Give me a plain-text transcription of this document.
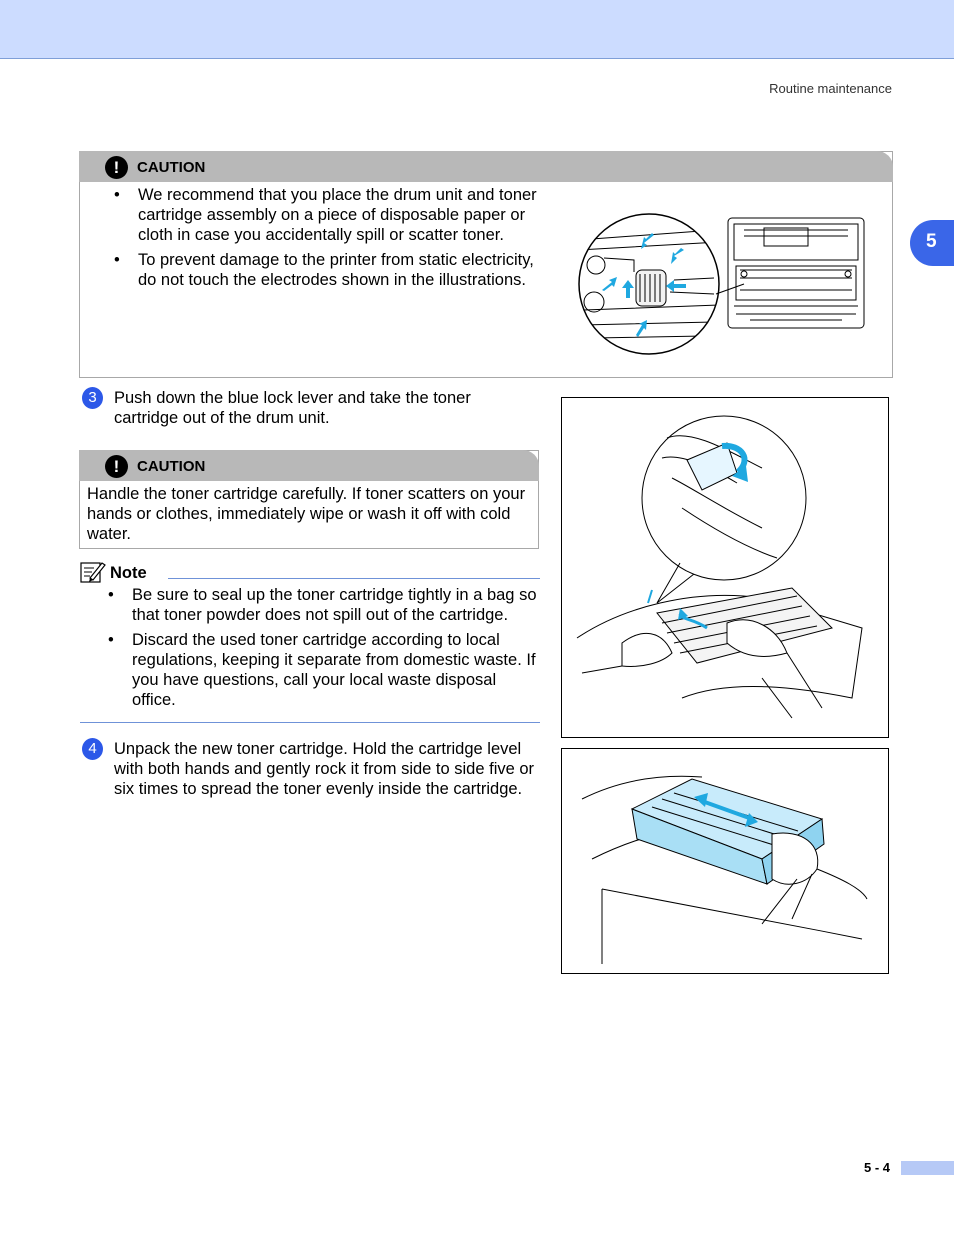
Routine maintenance
5
!	CAUTION
• We recommend that you place the drum unit and toner cartridge assembly on a piece of disposable paper or cloth in case you accidentally spill or scatter toner.
• To prevent damage to the printer from static electricity, do not touch the electrodes shown in the illustrations.
3	Push down the blue lock lever and take the toner cartridge out of the drum unit.
!	CAUTION
Handle the toner cartridge carefully. If toner scatters on your hands or clothes, immediately wipe or wash it off with cold water.
Note
• Be sure to seal up the toner cartridge tightly in a bag so that toner powder does not spill out of the cartridge.
• Discard the used toner cartridge according to local regulations, keeping it separate from domestic waste. If you have questions, call your local waste disposal office.
4	Unpack the new toner cartridge. Hold the cartridge level with both hands and gently rock it from side to side five or six times to spread the toner evenly inside the cartridge.
5 - 4
